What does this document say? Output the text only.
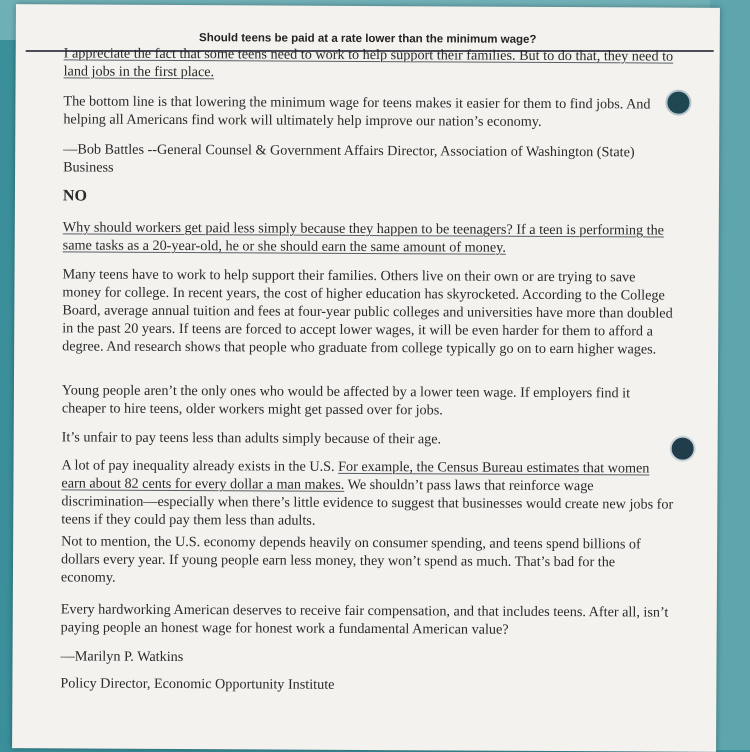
Should teens be paid at a rate lower than the minimum wage?

I appreciate the fact that some teens need to work to help support their families. But to do that, they need to land jobs in the first place.

The bottom line is that lowering the minimum wage for teens makes it easier for them to find jobs. And helping all Americans find work will ultimately help improve our nation’s economy.

—Bob Battles --General Counsel & Government Affairs Director, Association of Washington (State) Business

NO

Why should workers get paid less simply because they happen to be teenagers? If a teen is performing the same tasks as a 20-year-old, he or she should earn the same amount of money.

Many teens have to work to help support their families. Others live on their own or are trying to save money for college. In recent years, the cost of higher education has skyrocketed. According to the College Board, average annual tuition and fees at four-year public colleges and universities have more than doubled in the past 20 years. If teens are forced to accept lower wages, it will be even harder for them to afford a degree. And research shows that people who graduate from college typically go on to earn higher wages.

Young people aren’t the only ones who would be affected by a lower teen wage. If employers find it cheaper to hire teens, older workers might get passed over for jobs.

It’s unfair to pay teens less than adults simply because of their age.

A lot of pay inequality already exists in the U.S. For example, the Census Bureau estimates that women earn about 82 cents for every dollar a man makes. We shouldn’t pass laws that reinforce wage discrimination—especially when there’s little evidence to suggest that businesses would create new jobs for teens if they could pay them less than adults.

Not to mention, the U.S. economy depends heavily on consumer spending, and teens spend billions of dollars every year. If young people earn less money, they won’t spend as much. That’s bad for the economy.

Every hardworking American deserves to receive fair compensation, and that includes teens. After all, isn’t paying people an honest wage for honest work a fundamental American value?

—Marilyn P. Watkins
Policy Director, Economic Opportunity Institute
